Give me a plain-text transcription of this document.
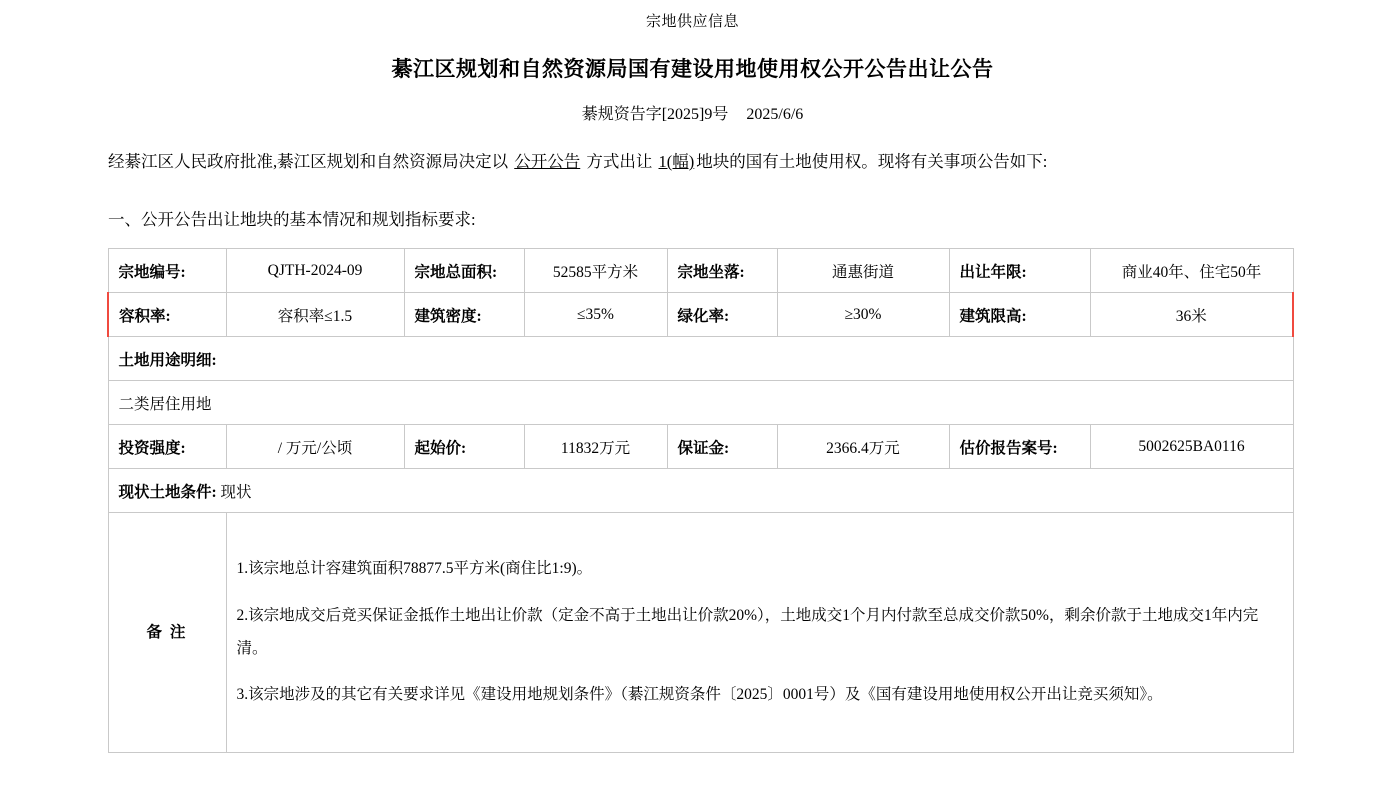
宗地供应信息
綦江区规划和自然资源局国有建设用地使用权公开公告出让公告
綦规资告字[2025]9号 2025/6/6
经綦江区人民政府批准,綦江区规划和自然资源局决定以 公开公告 方式出让 1(幅) 地块的国有土地使用权。现将有关事项公告如下:
一、公开公告出让地块的基本情况和规划指标要求:
宗地编号:	QJTH-2024-09	宗地总面积:	52585平方米	宗地坐落:	通惠街道	出让年限:	商业40年、住宅50年
容积率:	容积率≤1.5	建筑密度:	≤35%	绿化率:	≥30%	建筑限高:	36米
土地用途明细:							
二类居住用地							
投资强度:	/ 万元/公顷	起始价:	11832万元	保证金:	2366.4万元	估价报告案号:	5002625BA0116
现状土地条件: 现状							
备 注	1.该宗地总计容建筑面积78877.5平方米(商住比1:9)。

2.该宗地成交后竞买保证金抵作土地出让价款（定金不高于土地出让价款20%），土地成交1个月内付款至总成交价款50%，剩余价款于土地成交1年内完清。

3.该宗地涉及的其它有关要求详见《建设用地规划条件》（綦江规资条件〔2025〕0001号）及《国有建设用地使用权公开出让竞买须知》。						
